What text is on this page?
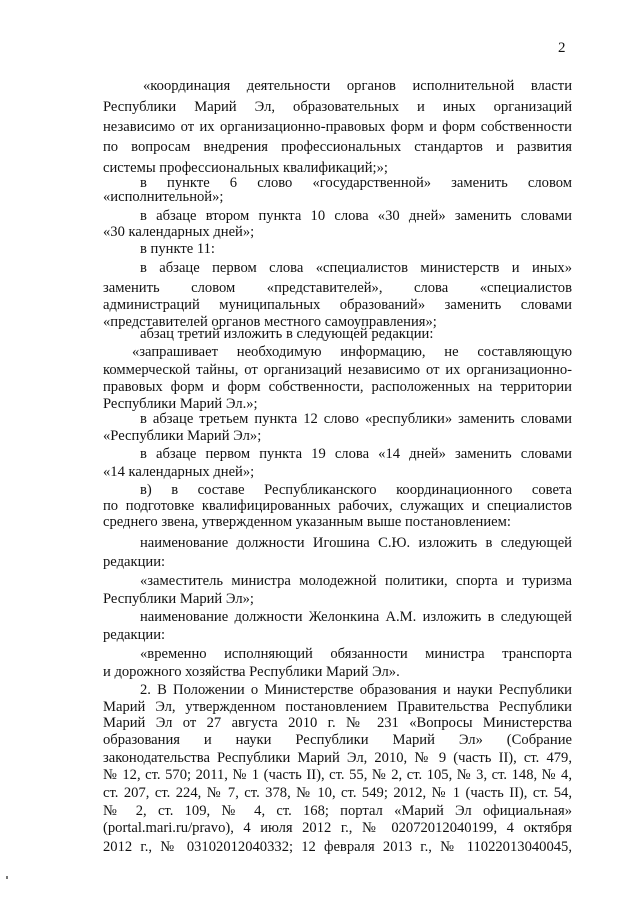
2
«координация деятельности органов исполнительной власти
Республики Марий Эл, образовательных и иных организаций
независимо от их организационно-правовых форм и форм собственности
по вопросам внедрения профессиональных стандартов и развития
системы профессиональных квалификаций;»;
в пункте 6 слово «государственной» заменить словом
«исполнительной»;
в абзаце втором пункта 10 слова «30 дней» заменить словами
«30 календарных дней»;
в пункте 11:
в абзаце первом слова «специалистов министерств и иных»
заменить словом «представителей», слова «специалистов
администраций муниципальных образований» заменить словами
«представителей органов местного самоуправления»;
абзац третий изложить в следующей редакции:
«запрашивает необходимую информацию, не составляющую
коммерческой тайны, от организаций независимо от их организационно-
правовых форм и форм собственности, расположенных на территории
Республики Марий Эл.»;
в абзаце третьем пункта 12 слово «республики» заменить словами
«Республики Марий Эл»;
в абзаце первом пункта 19 слова «14 дней» заменить словами
«14 календарных дней»;
в) в составе Республиканского координационного совета
по подготовке квалифицированных рабочих, служащих и специалистов
среднего звена, утвержденном указанным выше постановлением:
наименование должности Игошина С.Ю. изложить в следующей
редакции:
«заместитель министра молодежной политики, спорта и туризма
Республики Марий Эл»;
наименование должности Желонкина А.М. изложить в следующей
редакции:
«временно исполняющий обязанности министра транспорта
и дорожного хозяйства Республики Марий Эл».
2. В Положении о Министерстве образования и науки Республики
Марий Эл, утвержденном постановлением Правительства Республики
Марий Эл от 27 августа 2010 г. № 231 «Вопросы Министерства
образования и науки Республики Марий Эл» (Собрание
законодательства Республики Марий Эл, 2010, № 9 (часть II), ст. 479,
№ 12, ст. 570; 2011, № 1 (часть II), ст. 55, № 2, ст. 105, № 3, ст. 148, № 4,
ст. 207, ст. 224, № 7, ст. 378, № 10, ст. 549; 2012, № 1 (часть II), ст. 54,
№ 2, ст. 109, № 4, ст. 168; портал «Марий Эл официальная»
(portal.mari.ru/pravo), 4 июля 2012 г., № 02072012040199, 4 октября
2012 г., № 03102012040332; 12 февраля 2013 г., № 11022013040045,
